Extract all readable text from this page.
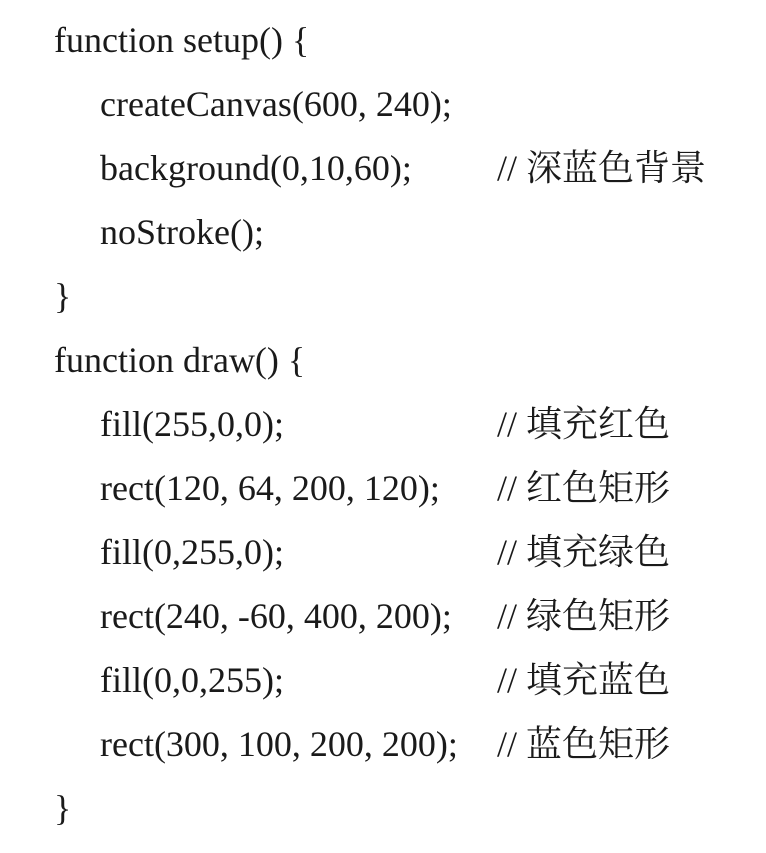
function setup() {
createCanvas(600, 240);
background(0,10,60); // 深蓝色背景
noStroke();
}
function draw() {
fill(255,0,0);	// 填充红色
rect(120, 64, 200, 120); // 红色矩形
fill(0,255,0);	// 填充绿色
rect(240, -60, 400, 200); // 绿色矩形
fill(0,0,255);	// 填充蓝色
rect(300, 100, 200, 200); // 蓝色矩形
}
